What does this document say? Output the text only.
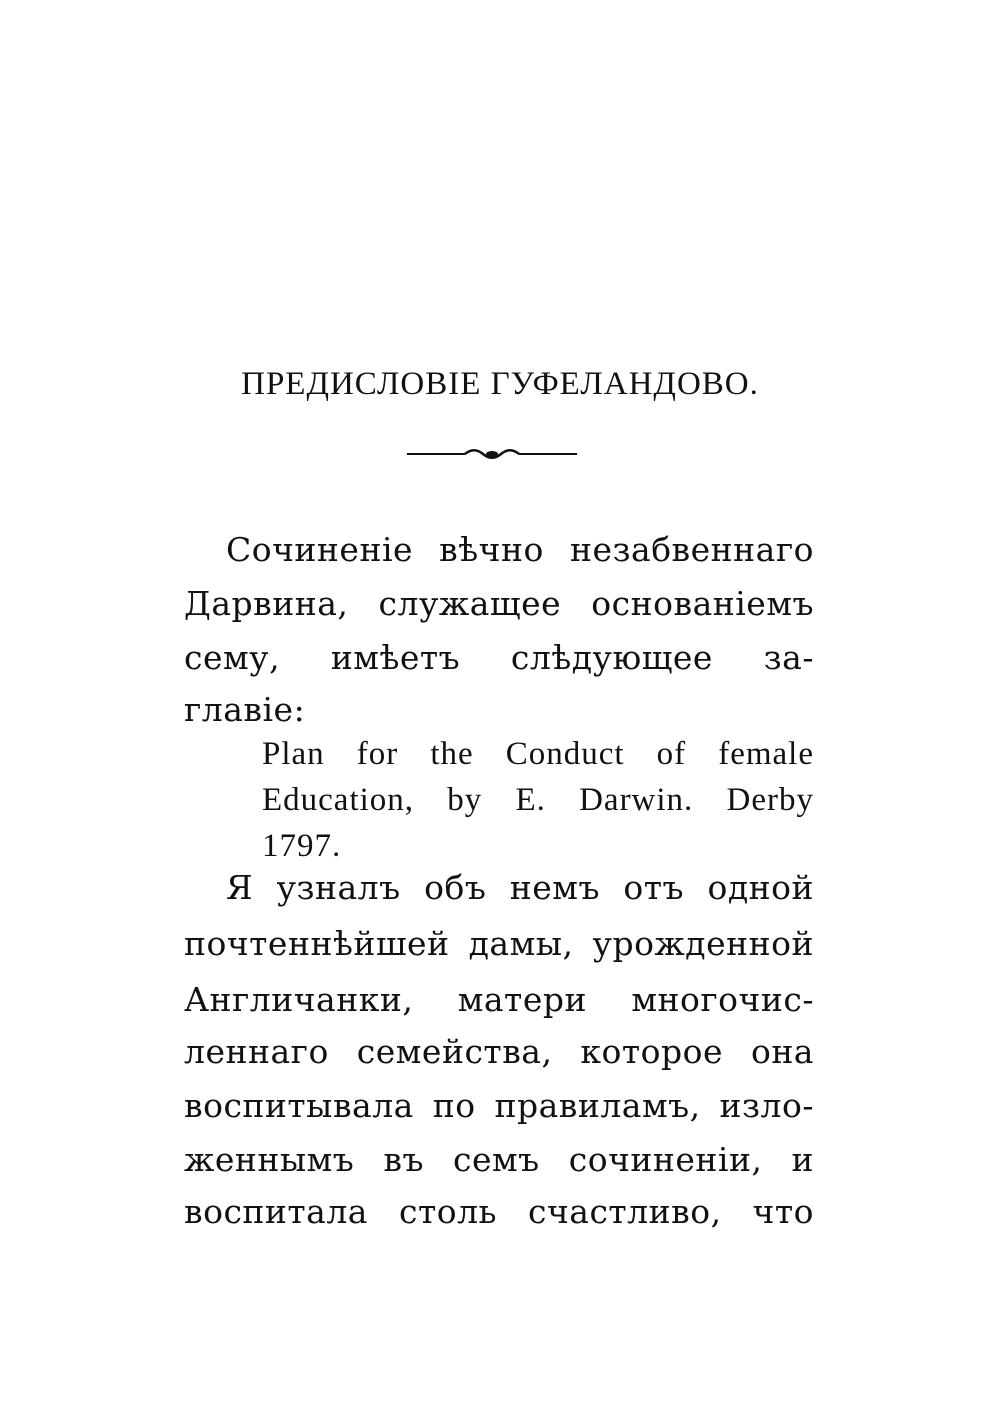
ПРЕДИСЛОВІЕ ГУФЕЛАНДОВО.
Сочиненіе вѣчно незабвеннаго
Дарвина, служащее основаніемъ
сему, имѣетъ слѣдующее за-
главіе:
Plan for the Conduct of female
Education, by E. Darwin. Derby
1797.
Я узналъ объ немъ отъ одной
почтеннѣйшей дамы, урожденной
Англичанки, матери многочис-
леннаго семейства, которое она
воспитывала по правиламъ, изло-
женнымъ въ семъ сочиненіи, и
воспитала столь счастливо, что
